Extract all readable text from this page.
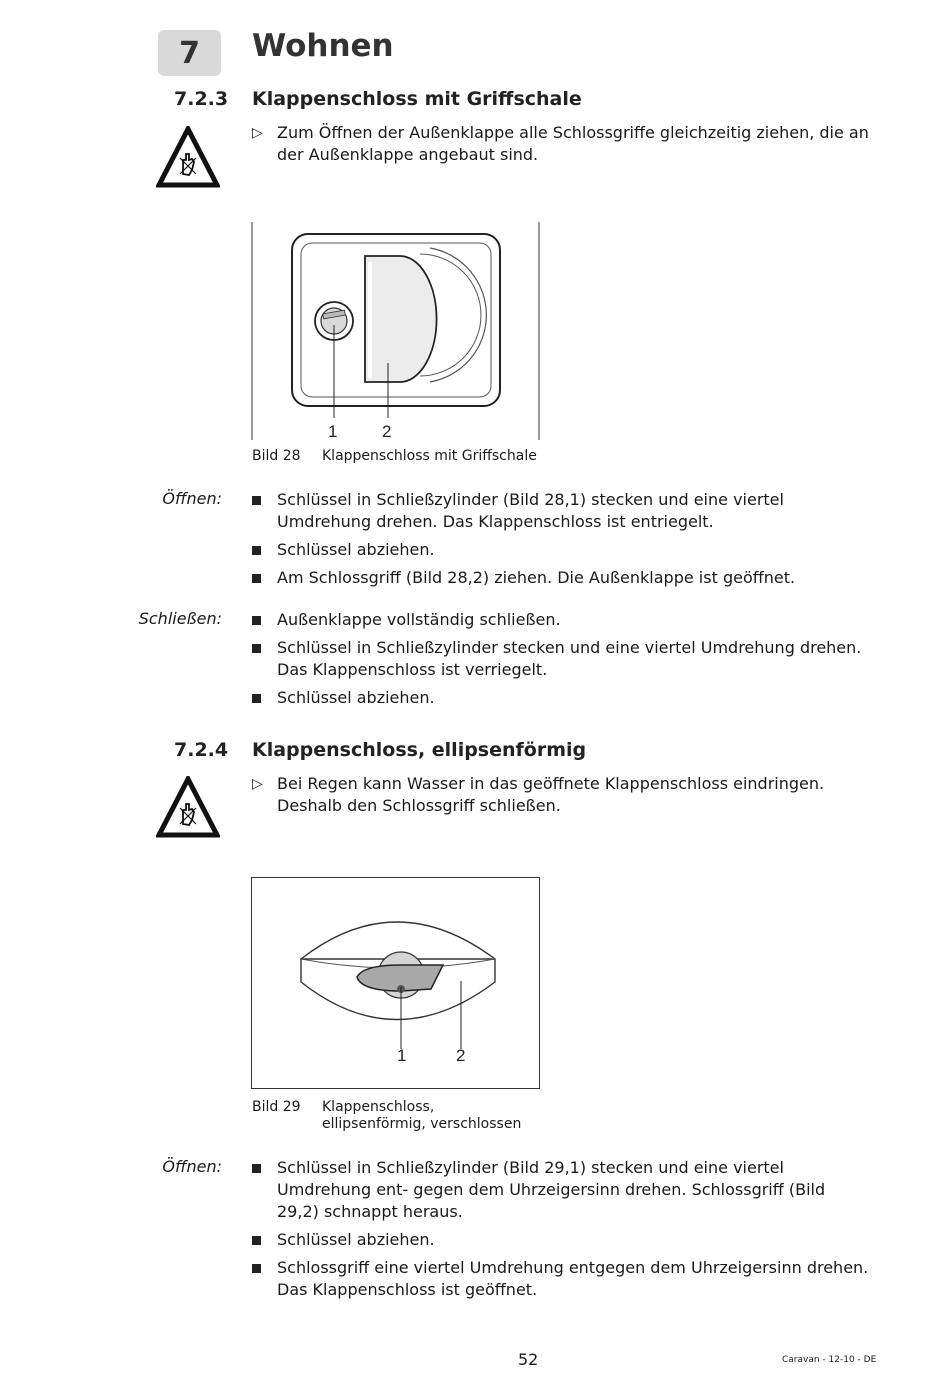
7	Wohnen
7.2.3 Klappenschloss mit Griffschale
▷ Zum Öffnen der Außenklappe alle Schlossgriffe gleichzeitig ziehen, die an der Außenklappe angebaut sind.
1	2
Bild 28 Klappenschloss mit Griffschale
Öffnen:	Schlüssel in Schließzylinder (Bild 28,1) stecken und eine viertel Umdrehung drehen. Das Klappenschloss ist entriegelt.
Schlüssel abziehen.
Am Schlossgriff (Bild 28,2) ziehen. Die Außenklappe ist geöffnet.
Schließen:	Außenklappe vollständig schließen.
Schlüssel in Schließzylinder stecken und eine viertel Umdrehung drehen. Das Klappenschloss ist verriegelt.
Schlüssel abziehen.
7.2.4 Klappenschloss, ellipsenförmig
▷ Bei Regen kann Wasser in das geöffnete Klappenschloss eindringen. Deshalb den Schlossgriff schließen.
1	2
Bild 29 Klappenschloss, ellipsenförmig, verschlossen
Öffnen:	Schlüssel in Schließzylinder (Bild 29,1) stecken und eine viertel Umdrehung ent- gegen dem Uhrzeigersinn drehen. Schlossgriff (Bild 29,2) schnappt heraus.
Schlüssel abziehen.
Schlossgriff eine viertel Umdrehung entgegen dem Uhrzeigersinn drehen. Das Klappenschloss ist geöffnet.
52	Caravan - 12-10 - DE
